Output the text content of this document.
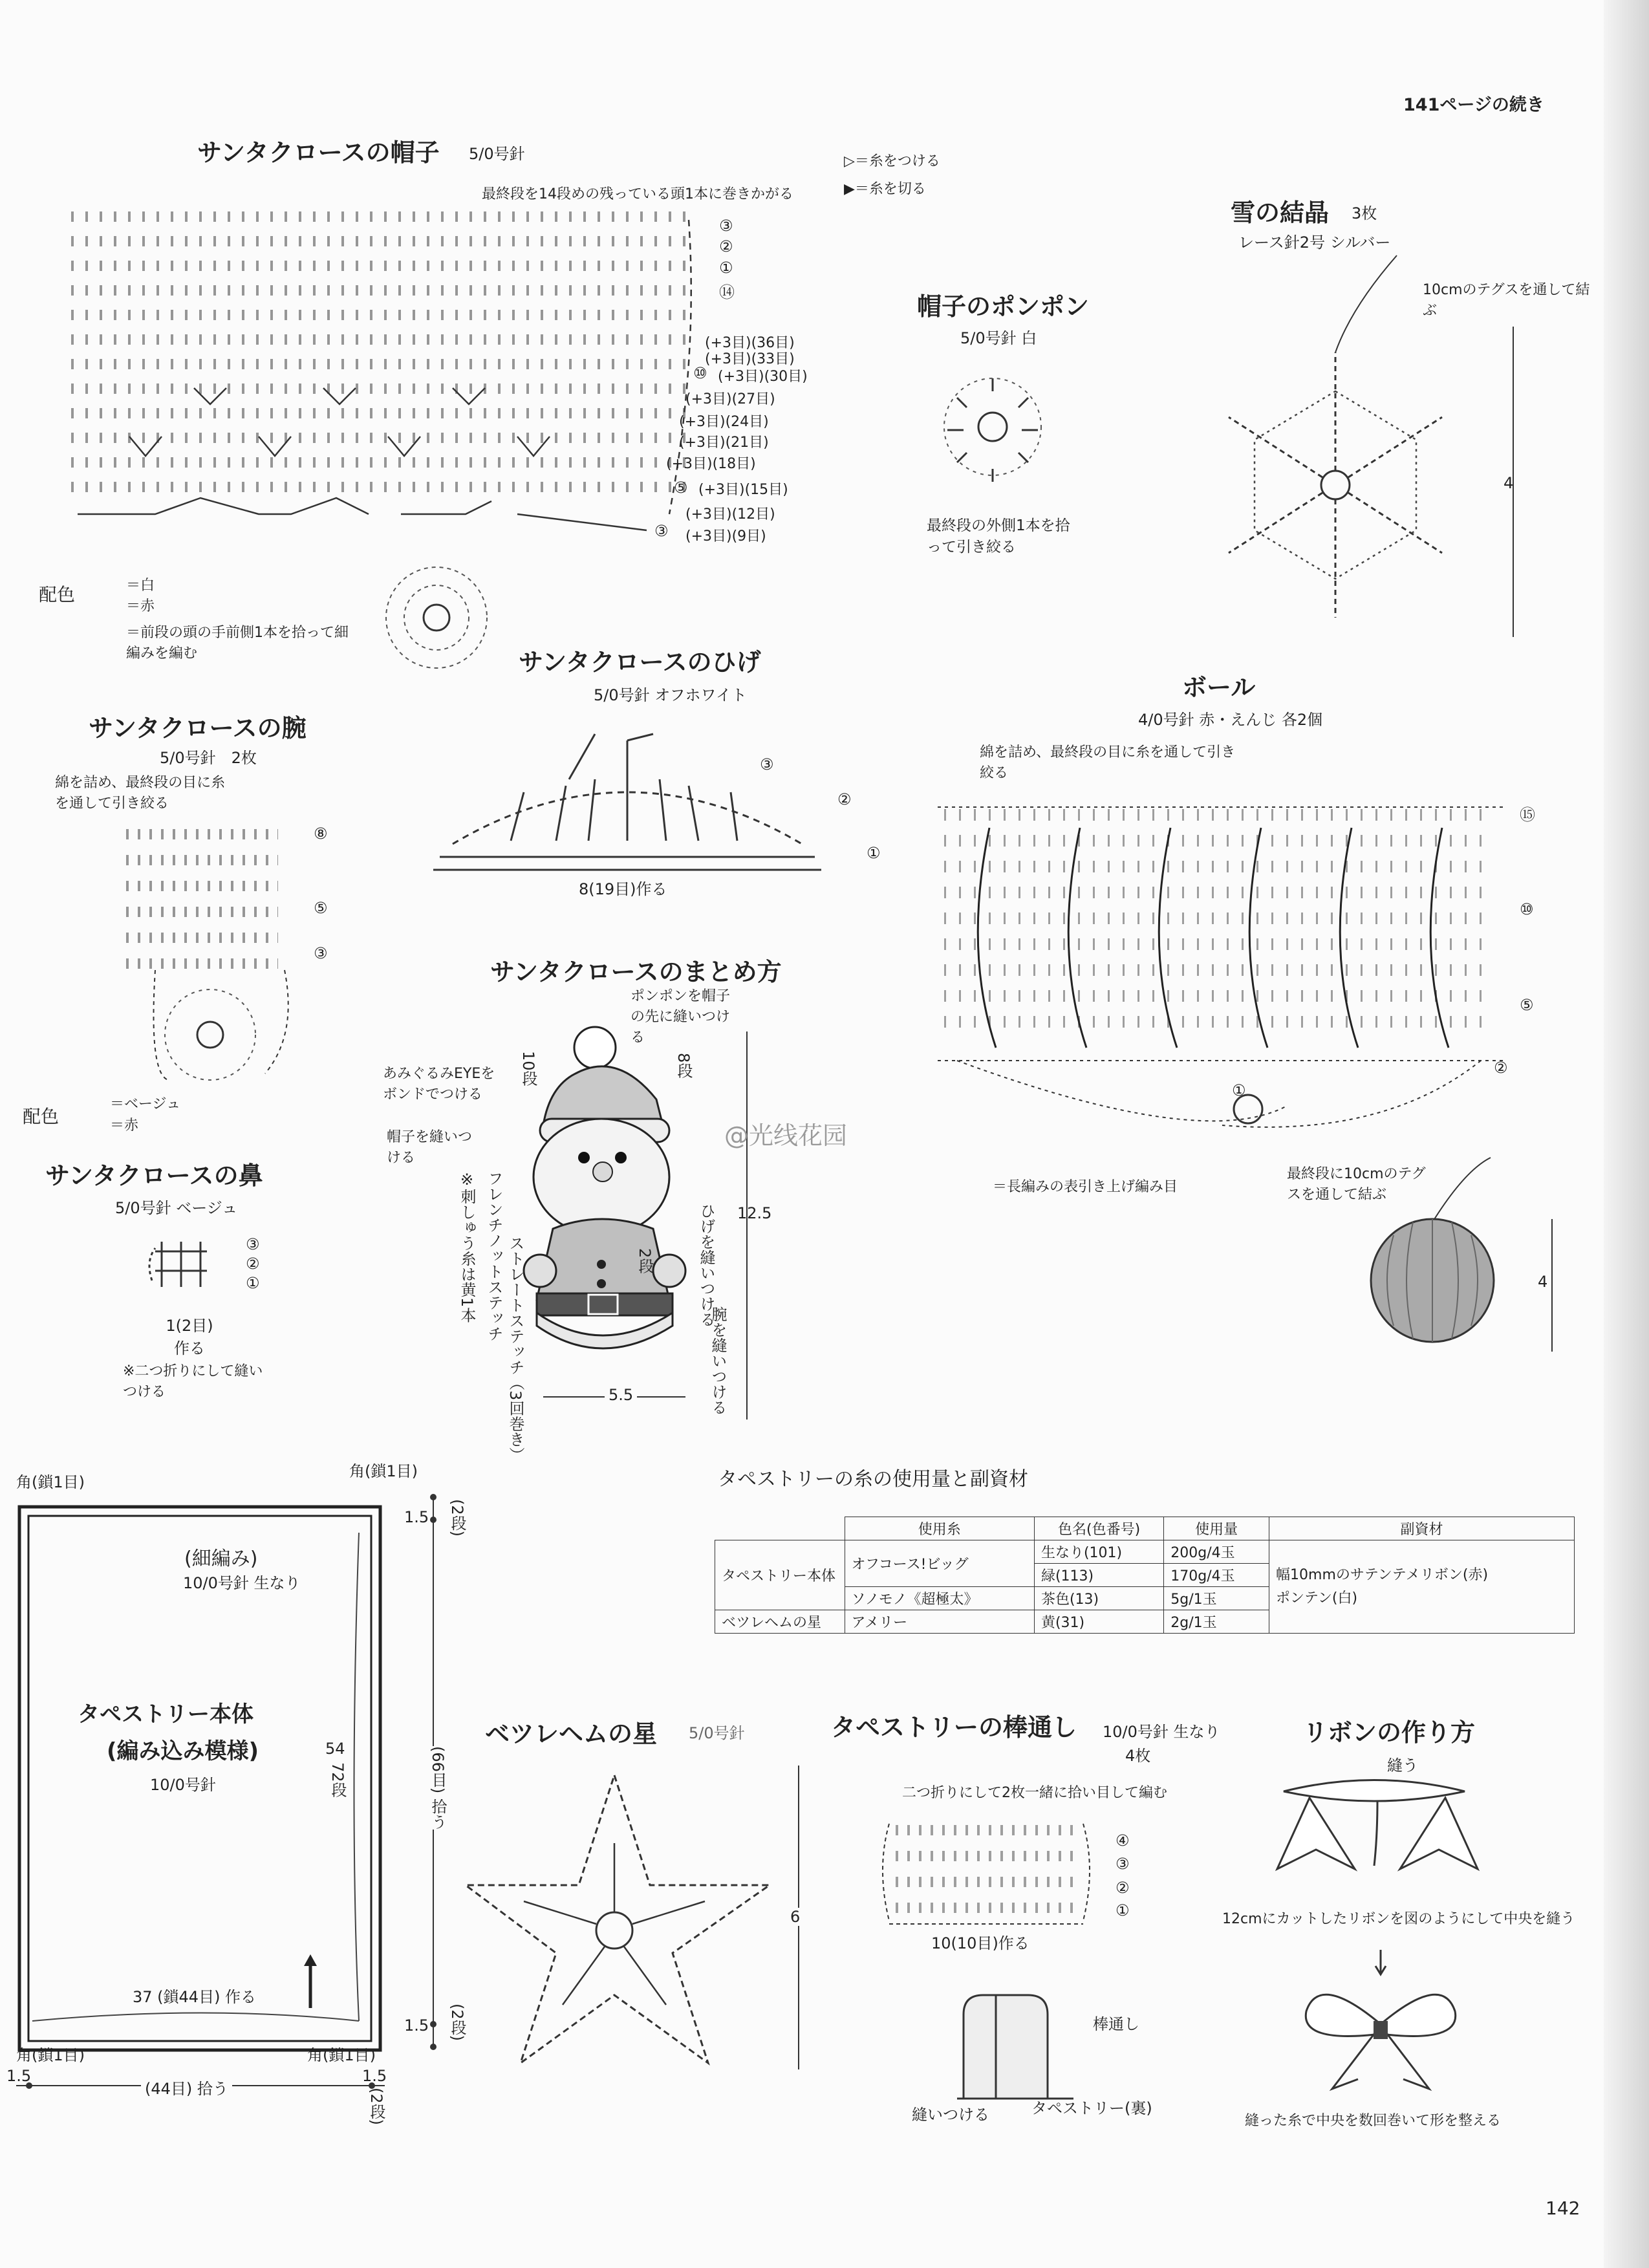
141ページの続き
サンタクロースの帽子 5/0号針
最終段を14段めの残っている頭1本に巻きかがる
▷＝糸をつける
▶＝糸を切る
③
②
①
⑭
⑩
⑤
③
(+3目)(36目)
(+3目)(33目)
(+3目)(30目)
(+3目)(27目)
(+3目)(24目)
(+3目)(21目)
(+3目)(18目)
(+3目)(15目)
(+3目)(12目)
(+3目)(9目)
配色	＝白
＝赤
＝前段の頭の手前側1本を拾って細編みを編む
帽子のポンポン
5/0号針 白
最終段の外側1本を拾って引き絞る
雪の結晶 3枚
レース針2号 シルバー
10cmのテグスを通して結ぶ
4
サンタクロースのひげ
5/0号針 オフホワイト
③
②
①
8(19目)作る
サンタクロースの腕
5/0号針　2枚
綿を詰め、最終段の目に糸を通して引き絞る
⑧
⑤
③
配色
＝ベージュ
＝赤
サンタクロースの鼻
5/0号針 ベージュ
③
②
①
1(2目)作る
※二つ折りにして縫いつける
サンタクロースのまとめ方
ポンポンを帽子の先に縫いつける
あみぐるみEYEをボンドでつける
帽子を縫いつける
10段	8段
12.5
ひげを縫いつける
腕を縫いつける
2段
※刺しゅう糸は黄1本 フレンチノットステッチ ストレートステッチ（3回巻き）	5.5
ボール
4/0号針 赤・えんじ 各2個
綿を詰め、最終段の目に糸を通して引き絞る
⑮
⑩
⑤
②
①
＝長編みの表引き上げ編み目
最終段に10cmのテグスを通して結ぶ
4
@光线花园
角(鎖1目)
角(鎖1目)
角(鎖1目)	角(鎖1目)
(細編み)
10/0号針 生なり
タペストリー本体
(編み込み模様)
10/0号針
37 (鎖44目) 作る
54
72段
1.5 (2段)
(66目) 拾う
1.5 (2段)
(44目) 拾う
1.5	1.5
(2段)
タペストリーの糸の使用量と副資材
	使用糸	色名(色番号)	使用量	副資材
タペストリー本体	オフコース!ビッグ	生なり(101)	200g/4玉	幅10mmのサテンテメリボン(赤)
ポンテン(白)

		緑(113)	170g/4玉	
	ソノモノ《超極太》	茶色(13)	5g/1玉	
ベツレヘムの星	アメリー	黄(31)	2g/1玉	
ベツレヘムの星 5/0号針
6
タペストリーの棒通し 10/0号針 生なり
4枚
二つ折りにして2枚一緒に拾い目して編む
④
③
②
①
10(10目)作る
棒通し
縫いつける	タペストリー(裏)
リボンの作り方
縫う
12cmにカットしたリボンを図のようにして中央を縫う
縫った糸で中央を数回巻いて形を整える
142
